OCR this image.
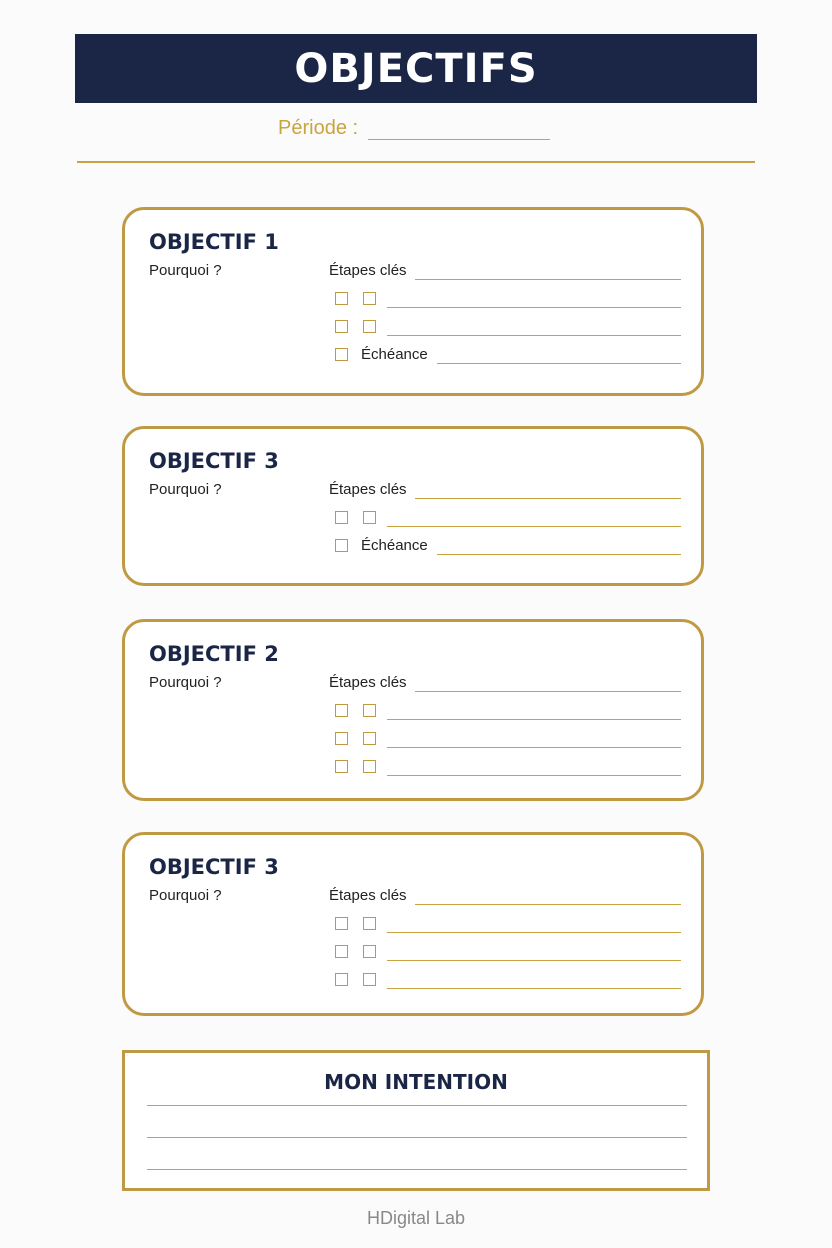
OBJECTIFS
Période :
OBJECTIF 1
Pourquoi ?	Étapes clés
Échéance
OBJECTIF 3
Pourquoi ?	Étapes clés
Échéance
OBJECTIF 2
Pourquoi ?	Étapes clés
OBJECTIF 3
Pourquoi ?	Étapes clés
MON INTENTION
HDigital Lab
